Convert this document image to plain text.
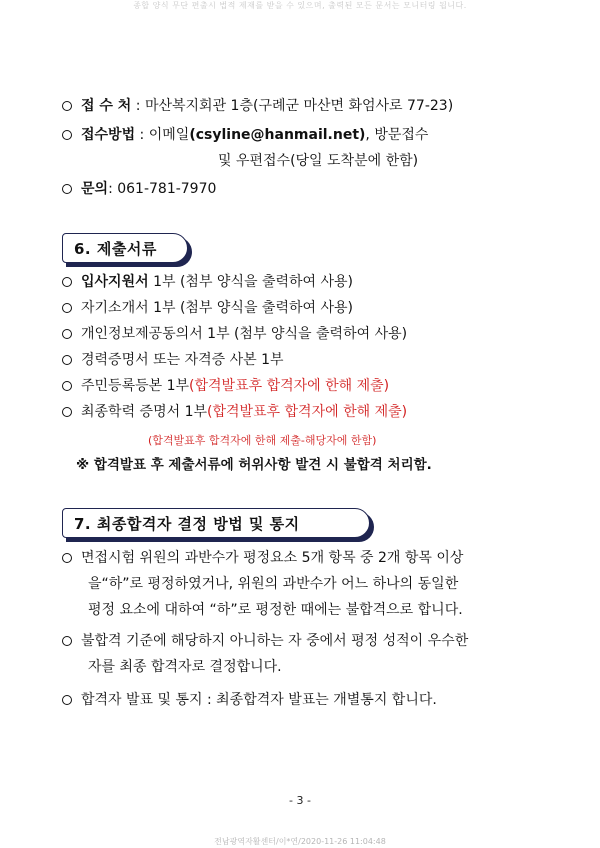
종합 양식 무단 편출시 법적 제재를 받을 수 있으며, 출력된 모든 문서는 모니터링 됩니다.
접 수 처 : 마산복지회관 1층(구례군 마산면 화엄사로 77-23)
접수방법 : 이메일(csyline@hanmail.net), 방문접수
및 우편접수(당일 도착분에 한함)
문의: 061-781-7970
6. 제출서류
입사지원서 1부 (첨부 양식을 출력하여 사용)
자기소개서 1부 (첨부 양식을 출력하여 사용)
개인정보제공동의서 1부 (첨부 양식을 출력하여 사용)
경력증명서 또는 자격증 사본 1부
주민등록등본 1부(합격발표후 합격자에 한해 제출)
최종학력 증명서 1부(합격발표후 합격자에 한해 제출)
(합격발표후 합격자에 한해 제출-해당자에 한함)
※ 합격발표 후 제출서류에 허위사항 발견 시 불합격 처리함.
7. 최종합격자 결정 방법 및 통지
면접시험 위원의 과반수가 평정요소 5개 항목 중 2개 항목 이상
을“하”로 평정하였거나, 위원의 과반수가 어느 하나의 동일한
평정 요소에 대하여 “하”로 평정한 때에는 불합격으로 합니다.
불합격 기준에 해당하지 아니하는 자 중에서 평정 성적이 우수한
자를 최종 합격자로 결정합니다.
합격자 발표 및 통지 : 최종합격자 발표는 개별통지 합니다.
- 3 -
전남광역자활센터/이*연/2020-11-26 11:04:48
